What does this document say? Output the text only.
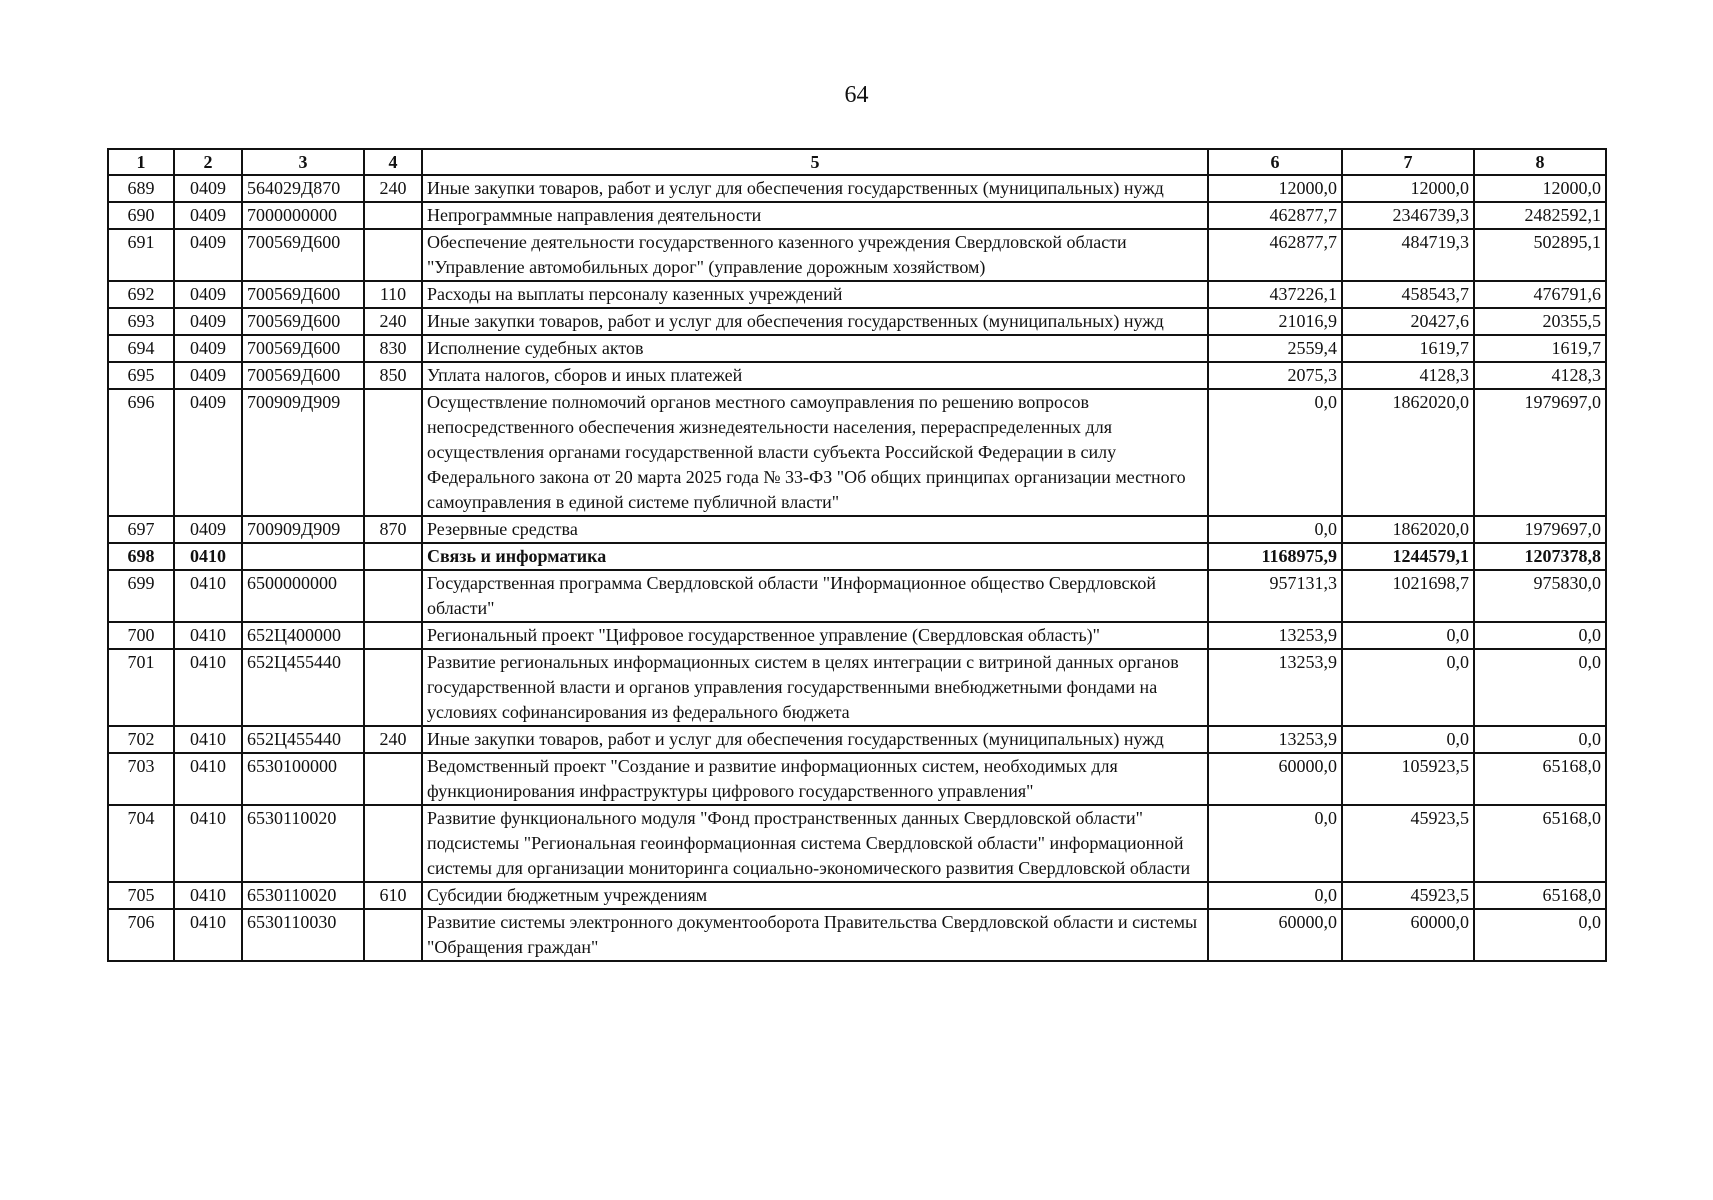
64
1	2	3	4	5	6	7	8
689	0409	564029Д870	240	Иные закупки товаров, работ и услуг для обеспечения государственных (муниципальных) нужд	12000,0	12000,0	12000,0
690	0409	7000000000		Непрограммные направления деятельности	462877,7	2346739,3	2482592,1
691	0409	700569Д600		Обеспечение деятельности государственного казенного учреждения Свердловской области "Управление автомобильных дорог" (управление дорожным хозяйством)	462877,7	484719,3	502895,1
692	0409	700569Д600	110	Расходы на выплаты персоналу казенных учреждений	437226,1	458543,7	476791,6
693	0409	700569Д600	240	Иные закупки товаров, работ и услуг для обеспечения государственных (муниципальных) нужд	21016,9	20427,6	20355,5
694	0409	700569Д600	830	Исполнение судебных актов	2559,4	1619,7	1619,7
695	0409	700569Д600	850	Уплата налогов, сборов и иных платежей	2075,3	4128,3	4128,3
696	0409	700909Д909		Осуществление полномочий органов местного самоуправления по решению вопросов непосредственного обеспечения жизнедеятельности населения, перераспределенных для осуществления органами государственной власти субъекта Российской Федерации в силу Федерального закона от 20 марта 2025 года № 33-ФЗ "Об общих принципах организации местного самоуправления в единой системе публичной власти"	0,0	1862020,0	1979697,0
697	0409	700909Д909	870	Резервные средства	0,0	1862020,0	1979697,0
698	0410			Связь и информатика	1168975,9	1244579,1	1207378,8
699	0410	6500000000		Государственная программа Свердловской области "Информационное общество Свердловской области"	957131,3	1021698,7	975830,0
700	0410	652Ц400000		Региональный проект "Цифровое государственное управление (Свердловская область)"	13253,9	0,0	0,0
701	0410	652Ц455440		Развитие региональных информационных систем в целях интеграции с витриной данных органов государственной власти и органов управления государственными внебюджетными фондами на условиях софинансирования из федерального бюджета	13253,9	0,0	0,0
702	0410	652Ц455440	240	Иные закупки товаров, работ и услуг для обеспечения государственных (муниципальных) нужд	13253,9	0,0	0,0
703	0410	6530100000		Ведомственный проект "Создание и развитие информационных систем, необходимых для функционирования инфраструктуры цифрового государственного управления"	60000,0	105923,5	65168,0
704	0410	6530110020		Развитие функционального модуля "Фонд пространственных данных Свердловской области" подсистемы "Региональная геоинформационная система Свердловской области" информационной системы для организации мониторинга социально-экономического развития Свердловской области	0,0	45923,5	65168,0
705	0410	6530110020	610	Субсидии бюджетным учреждениям	0,0	45923,5	65168,0
706	0410	6530110030		Развитие системы электронного документооборота Правительства Свердловской области и системы "Обращения граждан"	60000,0	60000,0	0,0
